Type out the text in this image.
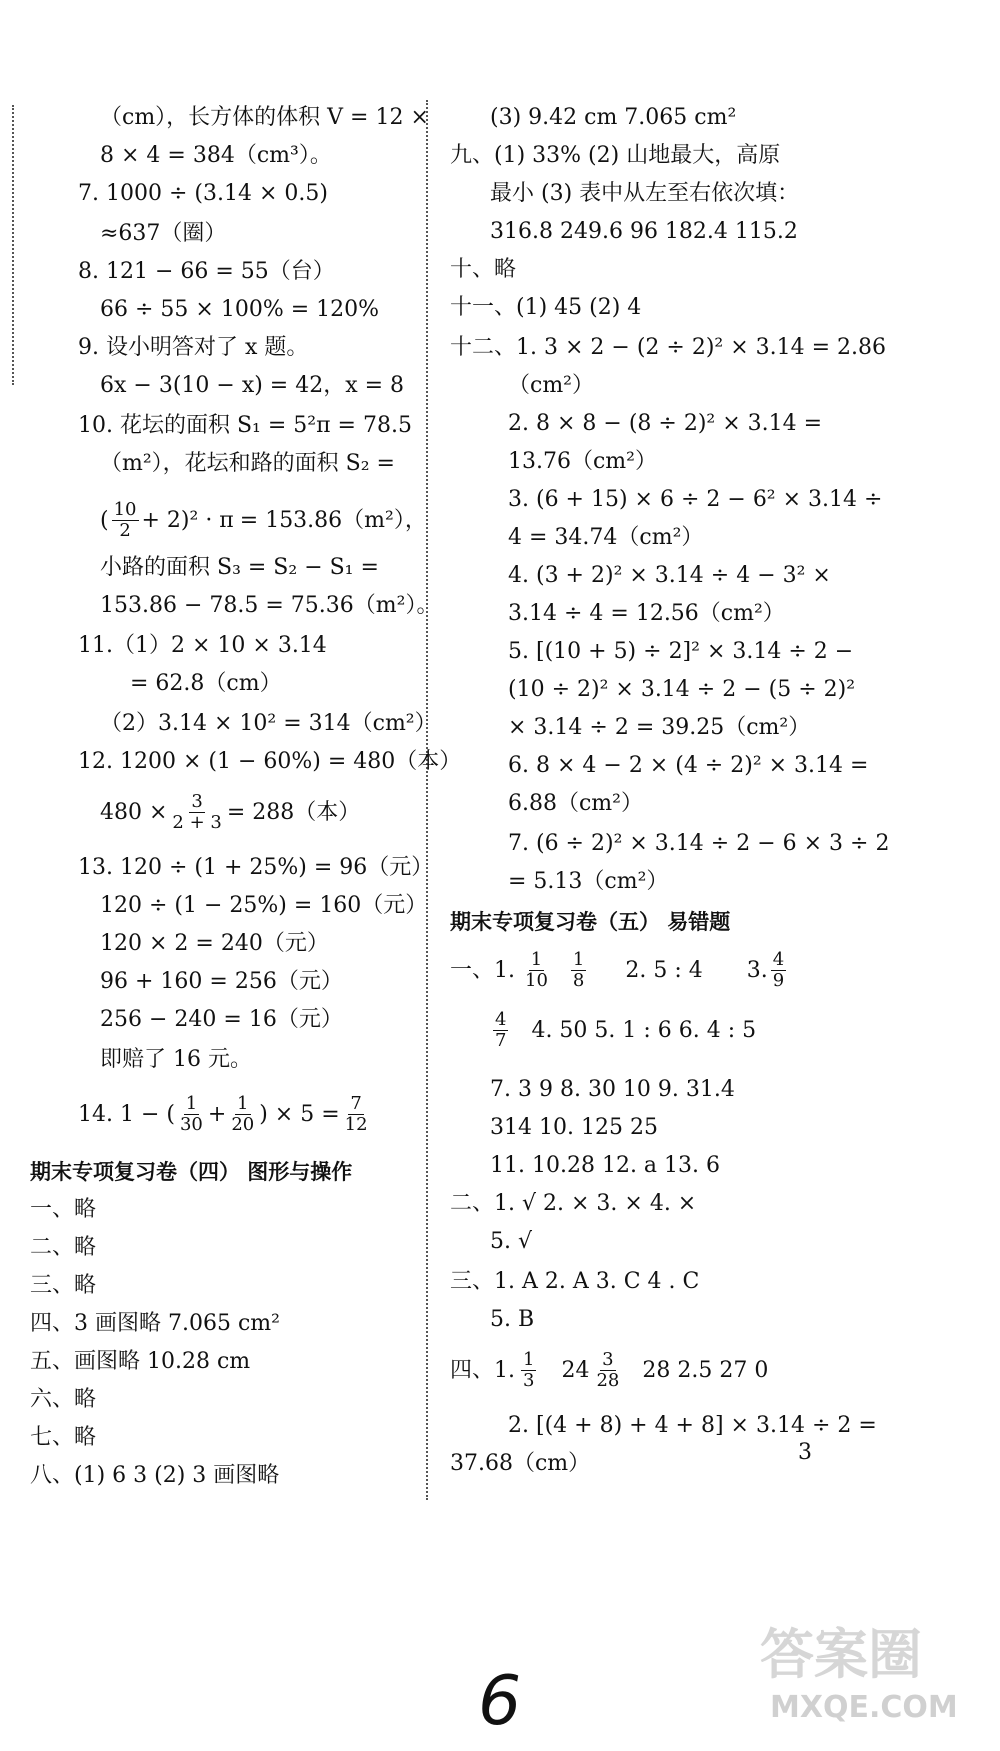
（cm），长方体的体积 V = 12 ×
8 × 4 = 384（cm³）。
7. 1000 ÷ (3.14 × 0.5)
≈637（圈）
8. 121 − 66 = 55（台）
66 ÷ 55 × 100% = 120%
9. 设小明答对了 x 题。
6x − 3(10 − x) = 42，x = 8
10. 花坛的面积 S₁ = 5²π = 78.5
（m²），花坛和路的面积 S₂ =
( $\frac{10}{2} + 2)^2 \cdot \pi = 153.86(m^2)$，
小路的面积 S₃ = S₂ − S₁ =
153.86 − 78.5 = 75.36（m²）。
11.（1）2 × 10 × 3.14
= 62.8（cm）
（2）3.14 × 10² = 314（cm²）
12. 1200 × (1 − 60%) = 480（本）
$480 \times \frac{3}{2 + 3} = 288$（本）
13. 120 ÷ (1 + 25%) = 96（元）
120 ÷ (1 − 25%) = 160（元）
120 × 2 = 240（元）
96 + 160 = 256（元）
256 − 240 = 16（元）
即赔了 16 元。
14. 1 − ( $\frac{1}{30} + \frac{1}{20}$ ) × $5 = \frac{7}{12}$
期末专项复习卷（四） 图形与操作
一、略
二、略
三、略
四、3 画图略 7.065 cm²
五、画图略 10.28 cm
六、略
七、略
八、(1) 6 3 (2) 3 画图略
(3) 9.42 cm 7.065 cm²
九、(1) 33% (2) 山地最大，高原
最小 (3) 表中从左至右依次填：
316.8 249.6 96 182.4 115.2
十、略
十一、(1) 45 (2) 4
十二、1. 3 × 2 − (2 ÷ 2)² × 3.14 = 2.86
（cm²）
2. 8 × 8 − (8 ÷ 2)² × 3.14 =
13.76（cm²）
3. (6 + 15) × 6 ÷ 2 − 6² × 3.14 ÷
4 = 34.74（cm²）
4. (3 + 2)² × 3.14 ÷ 4 − 3² ×
3.14 ÷ 4 = 12.56（cm²）
5. [(10 + 5) ÷ 2]² × 3.14 ÷ 2 −
(10 ÷ 2)² × 3.14 ÷ 2 − (5 ÷ 2)²
× 3.14 ÷ 2 = 39.25（cm²）
6. 8 × 4 − 2 × (4 ÷ 2)² × 3.14 =
6.88（cm²）
7. (6 ÷ 2)² × 3.14 ÷ 2 − 6 × 3 ÷ 2
= 5.13（cm²）
期末专项复习卷（五） 易错题
一、1. $\frac{1}{10} \frac{1}{8} 2$. 5 : 4 3. $\frac{4}{9}$
$\frac{4}{7} 4$. 50 5. 1 : 6 6. 4 : 5
7. 3 9 8. 30 10 9. 31.4
314 10. 125 25
11. 10.28 12. a 13. 6
二、1. √ 2. × 3. × 4. ×
5. √
三、1. A 2. A 3. C 4 . C
5. B
四、1. $\frac{1}{3} 24 \frac{3}{28} 28$ 2.5 27 0
2. [(4 + 8) + 4 + 8] × 3.14 ÷ 2 =
37.68（cm）	3
6
答案圈
MXQE.COM
